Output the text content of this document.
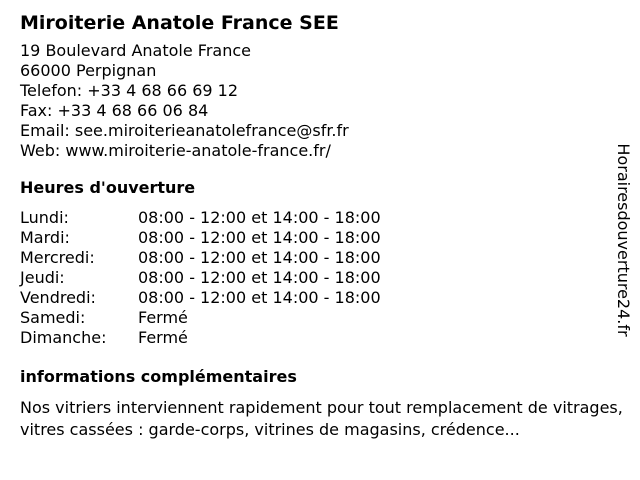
Miroiterie Anatole France SEE
19 Boulevard Anatole France
66000 Perpignan
Telefon: +33 4 68 66 69 12
Fax: +33 4 68 66 06 84
Email: see.miroiterieanatolefrance@sfr.fr
Web: www.miroiterie-anatole-france.fr/
Heures d'ouverture
Lundi:	08:00 - 12:00 et 14:00 - 18:00
Mardi:	08:00 - 12:00 et 14:00 - 18:00
Mercredi:	08:00 - 12:00 et 14:00 - 18:00
Jeudi:	08:00 - 12:00 et 14:00 - 18:00
Vendredi:	08:00 - 12:00 et 14:00 - 18:00
Samedi:	Fermé
Dimanche:	Fermé
informations complémentaires
Nos vitriers interviennent rapidement pour tout remplacement de vitrages, vitres cassées : garde-corps, vitrines de magasins, crédence...
Horairesdouverture24.fr
